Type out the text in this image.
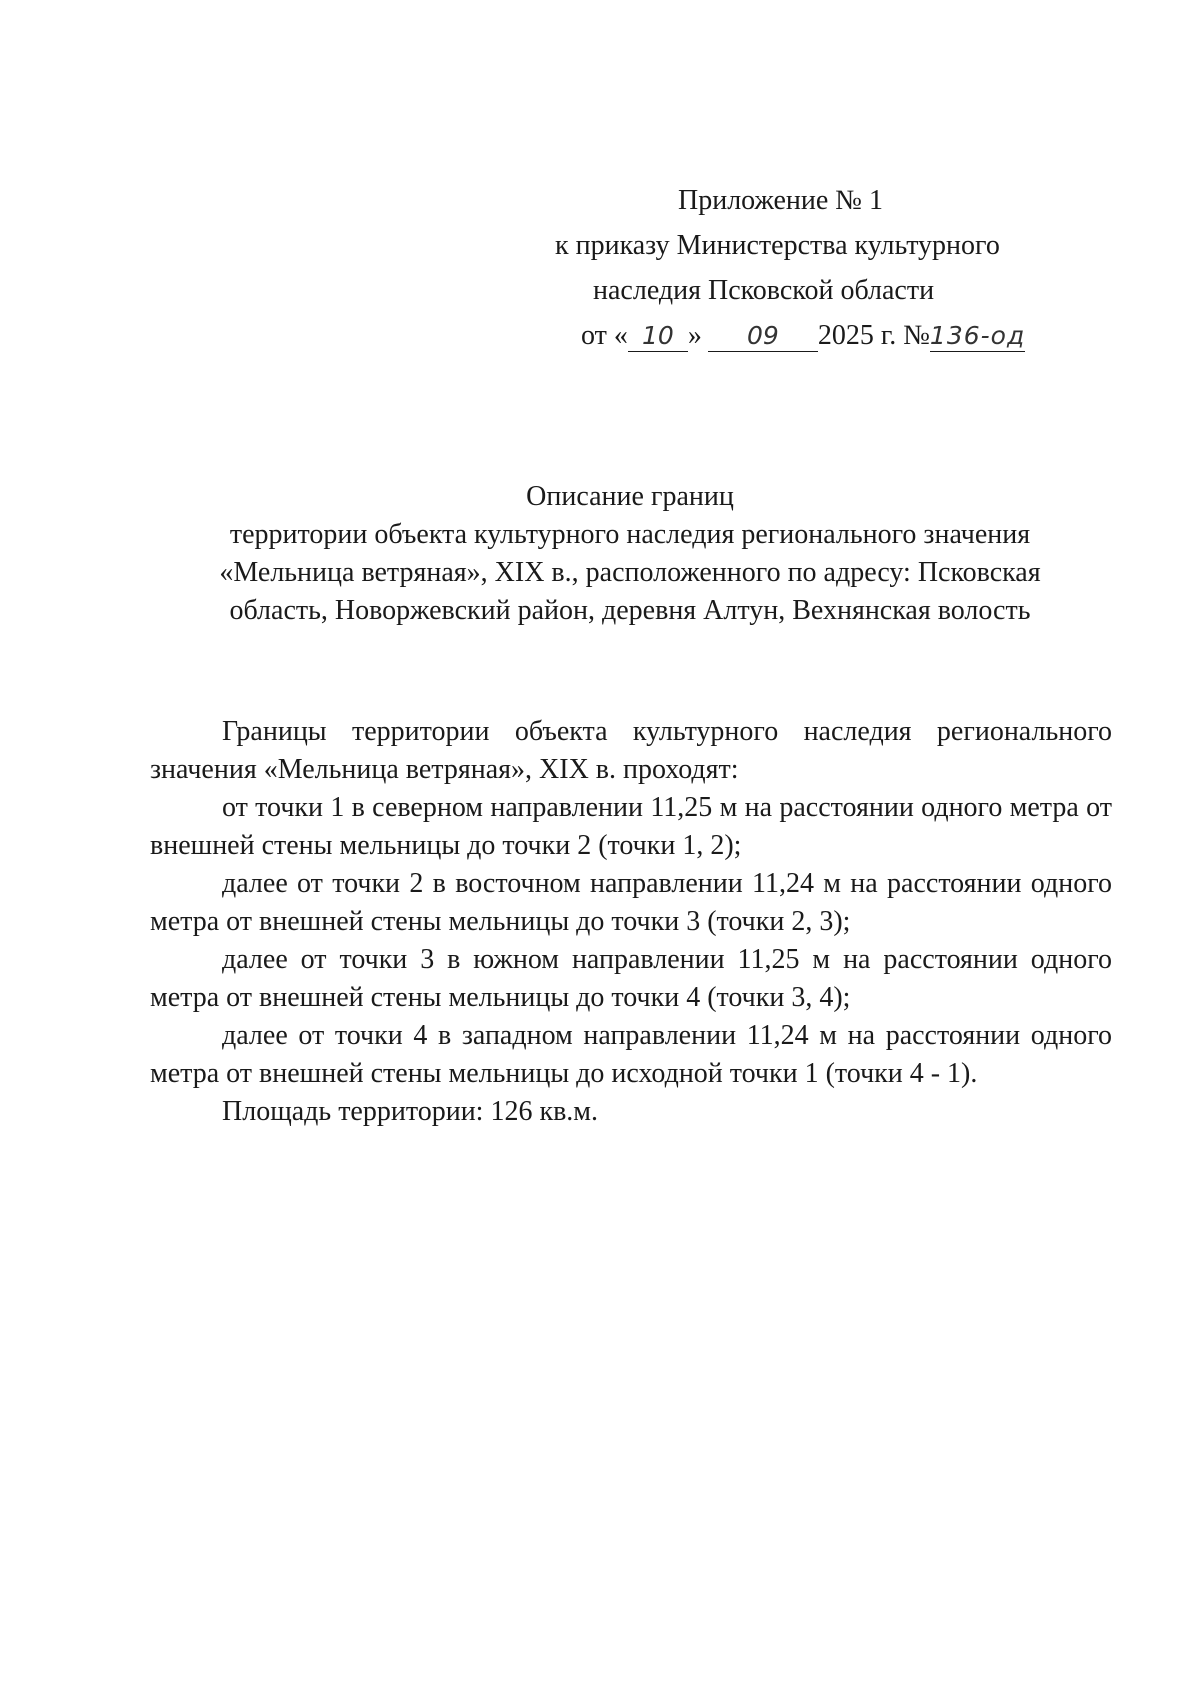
Приложение № 1
к приказу Министерства культурного
наследия Псковской области
от « 10 » 09 2025 г. №136-од
Описание границ
территории объекта культурного наследия регионального значения
«Мельница ветряная», XIX в., расположенного по адресу: Псковская
область, Новоржевский район, деревня Алтун, Вехнянская волость

Границы территории объекта культурного наследия регионального значения «Мельница ветряная», XIX в. проходят:

от точки 1 в северном направлении 11,25 м на расстоянии одного метра от внешней стены мельницы до точки 2 (точки 1, 2);

далее от точки 2 в восточном направлении 11,24 м на расстоянии одного метра от внешней стены мельницы до точки 3 (точки 2, 3);

далее от точки 3 в южном направлении 11,25 м на расстоянии одного метра от внешней стены мельницы до точки 4 (точки 3, 4);

далее от точки 4 в западном направлении 11,24 м на расстоянии одного метра от внешней стены мельницы до исходной точки 1 (точки 4 - 1).

Площадь территории: 126 кв.м.
